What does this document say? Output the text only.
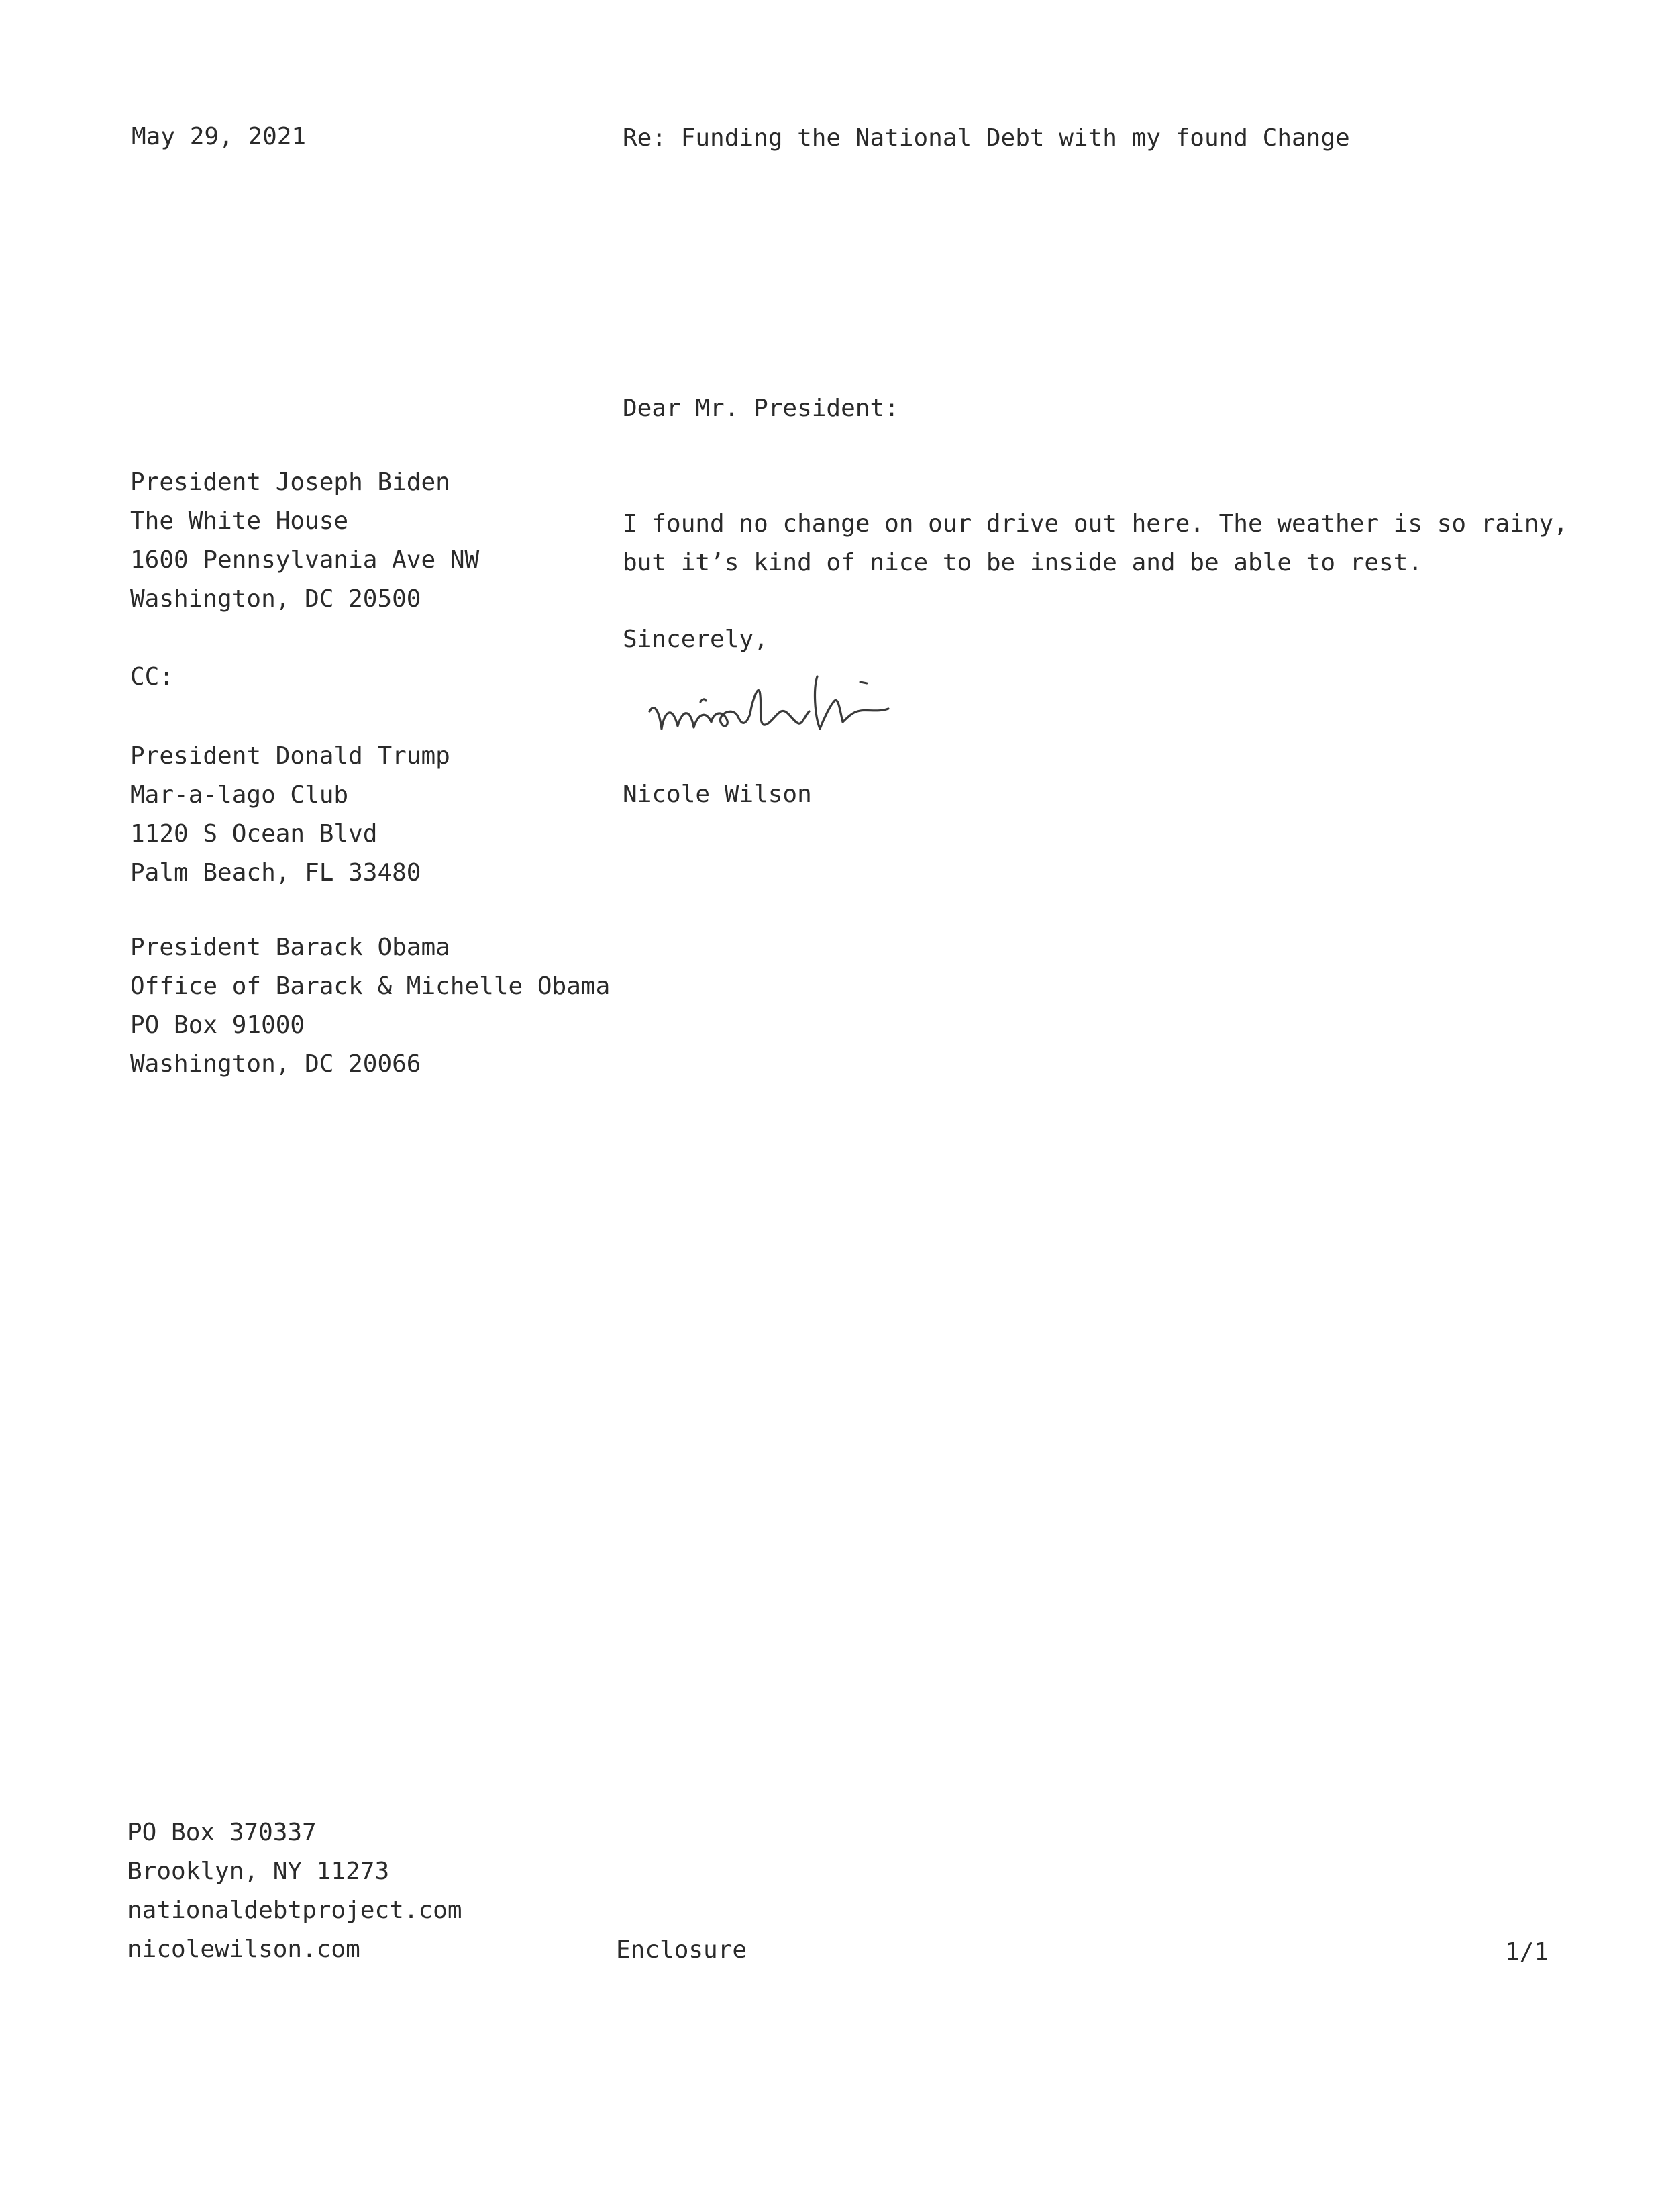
May 29, 2021	Re: Funding the National Debt with my found Change
Dear Mr. President:
President Joseph Biden
The White House
1600 Pennsylvania Ave NW
Washington, DC 20500
CC:
President Donald Trump
Mar-a-lago Club
1120 S Ocean Blvd
Palm Beach, FL 33480
President Barack Obama
Office of Barack & Michelle Obama
PO Box 91000
Washington, DC 20066
I found no change on our drive out here. The weather is so rainy,
but it’s kind of nice to be inside and be able to rest.
Sincerely,
Nicole Wilson
PO Box 370337
Brooklyn, NY 11273
nationaldebtproject.com
nicolewilson.com	Enclosure	1/1
